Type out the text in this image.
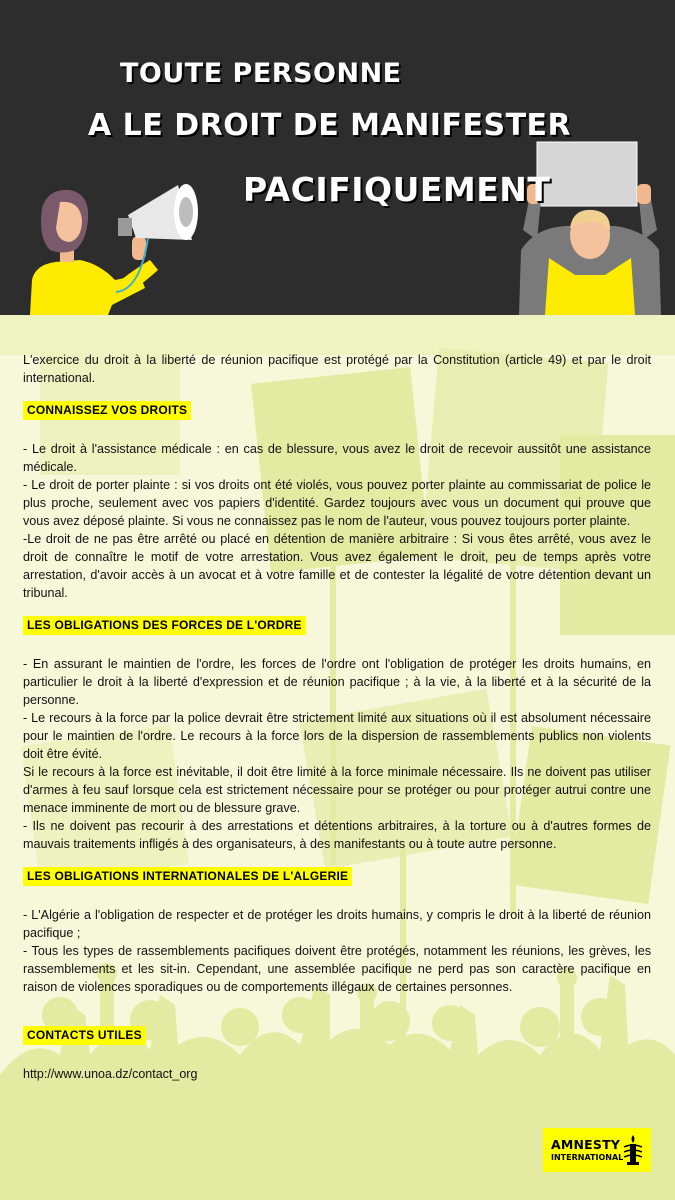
TOUTE PERSONNE
A LE DROIT DE MANIFESTER
PACIFIQUEMENT

L'exercice du droit à la liberté de réunion pacifique est protégé par la Constitution (article 49) et par le droit international.

CONNAISSEZ VOS DROITS

- Le droit à l'assistance médicale : en cas de blessure, vous avez le droit de recevoir aussitôt une assistance médicale.

- Le droit de porter plainte : si vos droits ont été violés, vous pouvez porter plainte au commissariat de police le plus proche, seulement avec vos papiers d'identité. Gardez toujours avec vous un document qui prouve que vous avez déposé plainte. Si vous ne connaissez pas le nom de l'auteur, vous pouvez toujours porter plainte.

-Le droit de ne pas être arrêté ou placé en détention de manière arbitraire : Si vous êtes arrêté, vous avez le droit de connaître le motif de votre arrestation. Vous avez également le droit, peu de temps après votre arrestation, d'avoir accès à un avocat et à votre famille et de contester la légalité de votre détention devant un tribunal.

LES OBLIGATIONS DES FORCES DE L'ORDRE

- En assurant le maintien de l'ordre, les forces de l'ordre ont l'obligation de protéger les droits humains, en particulier le droit à la liberté d'expression et de réunion pacifique ; à la vie, à la liberté et à la sécurité de la personne.

- Le recours à la force par la police devrait être strictement limité aux situations où il est absolument nécessaire pour le maintien de l'ordre. Le recours à la force lors de la dispersion de rassemblements publics non violents doit être évité.

Si le recours à la force est inévitable, il doit être limité à la force minimale nécessaire. Ils ne doivent pas utiliser d'armes à feu sauf lorsque cela est strictement nécessaire pour se protéger ou pour protéger autrui contre une menace imminente de mort ou de blessure grave.

- Ils ne doivent pas recourir à des arrestations et détentions arbitraires, à la torture ou à d'autres formes de mauvais traitements infligés à des organisateurs, à des manifestants ou à toute autre personne.

LES OBLIGATIONS INTERNATIONALES DE L'ALGERIE

- L'Algérie a l'obligation de respecter et de protéger les droits humains, y compris le droit à la liberté de réunion pacifique ;

- Tous les types de rassemblements pacifiques doivent être protégés, notamment les réunions, les grèves, les rassemblements et les sit-in. Cependant, une assemblée pacifique ne perd pas son caractère pacifique en raison de violences sporadiques ou de comportements illégaux de certaines personnes.

CONTACTS UTILES

http://www.unoa.dz/contact_org

AMNESTY
INTERNATIONAL
